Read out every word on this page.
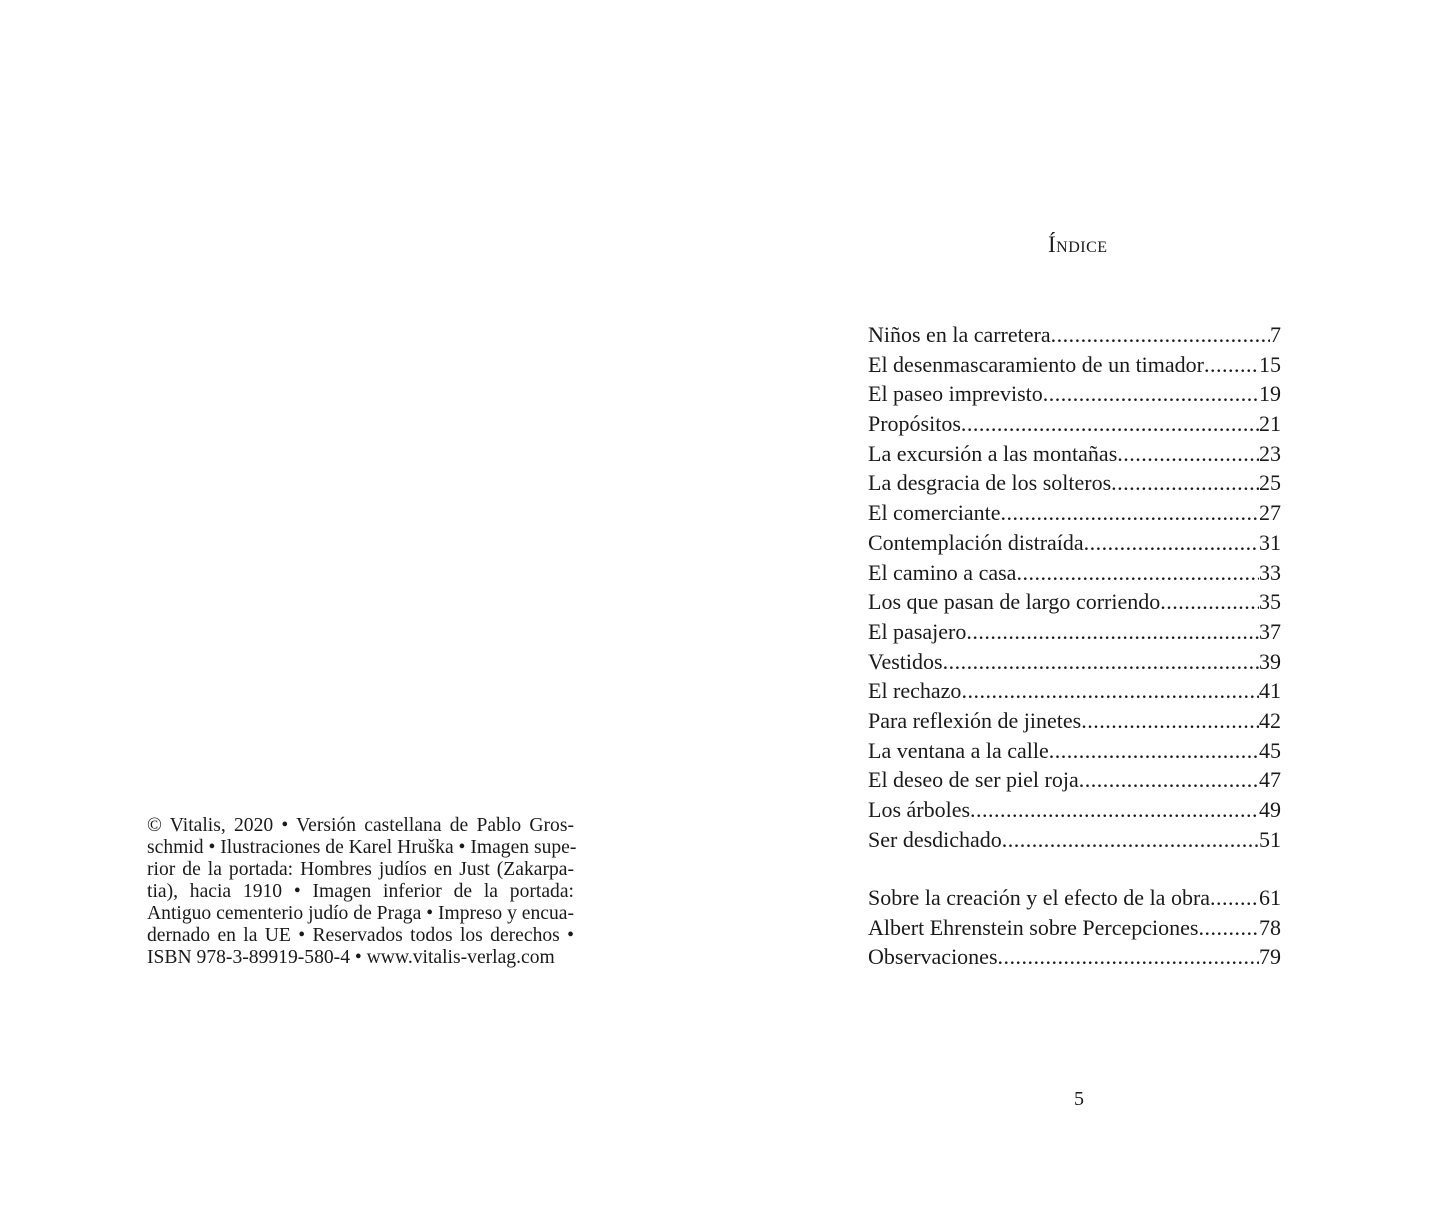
© Vitalis, 2020 • Versión castellana de Pablo Gros-
schmid • Ilustraciones de Karel Hruška • Imagen supe-
rior de la portada: Hombres judíos en Just (Zakarpa-
tia), hacia 1910 • Imagen inferior de la portada:
Antiguo cementerio judío de Praga • Impreso y encua-
dernado en la UE • Reservados todos los derechos •
ISBN 978-3-89919-580-4 • www.vitalis-verlag.com
Índice
Niños en la carretera .....	7
El desenmascaramiento de un timador .....	15
El paseo imprevisto .....	19
Propósitos .....	21
La excursión a las montañas .....	23
La desgracia de los solteros .....	25
El comerciante .....	27
Contemplación distraída .....	31
El camino a casa .....	33
Los que pasan de largo corriendo .....	35
El pasajero .....	37
Vestidos .....	39
El rechazo .....	41
Para reflexión de jinetes .....	42
La ventana a la calle .....	45
El deseo de ser piel roja .....	47
Los árboles .....	49
Ser desdichado .....	51
Sobre la creación y el efecto de la obra ..... 61
Albert Ehrenstein sobre Percepciones .....	78
Observaciones .....	79
5
